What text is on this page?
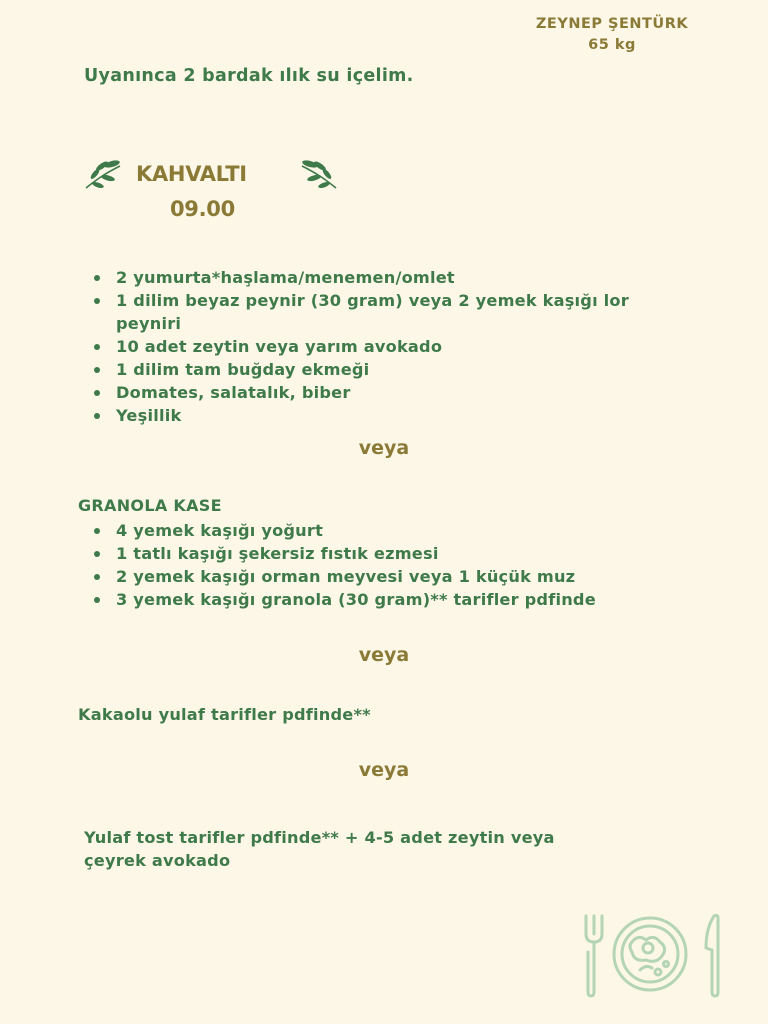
ZEYNEP ŞENTÜRK
65 kg
Uyanınca 2 bardak ılık su içelim.
KAHVALTI
09.00
2 yumurta*haşlama/menemen/omlet
1 dilim beyaz peynir (30 gram) veya 2 yemek kaşığı lor peyniri
10 adet zeytin veya yarım avokado
1 dilim tam buğday ekmeği
Domates, salatalık, biber
Yeşillik
veya
GRANOLA KASE
4 yemek kaşığı yoğurt
1 tatlı kaşığı şekersiz fıstık ezmesi
2 yemek kaşığı orman meyvesi veya 1 küçük muz
3 yemek kaşığı granola (30 gram)** tarifler pdfinde
veya
Kakaolu yulaf tarifler pdfinde**
veya
Yulaf tost tarifler pdfinde** + 4-5 adet zeytin veya
çeyrek avokado
